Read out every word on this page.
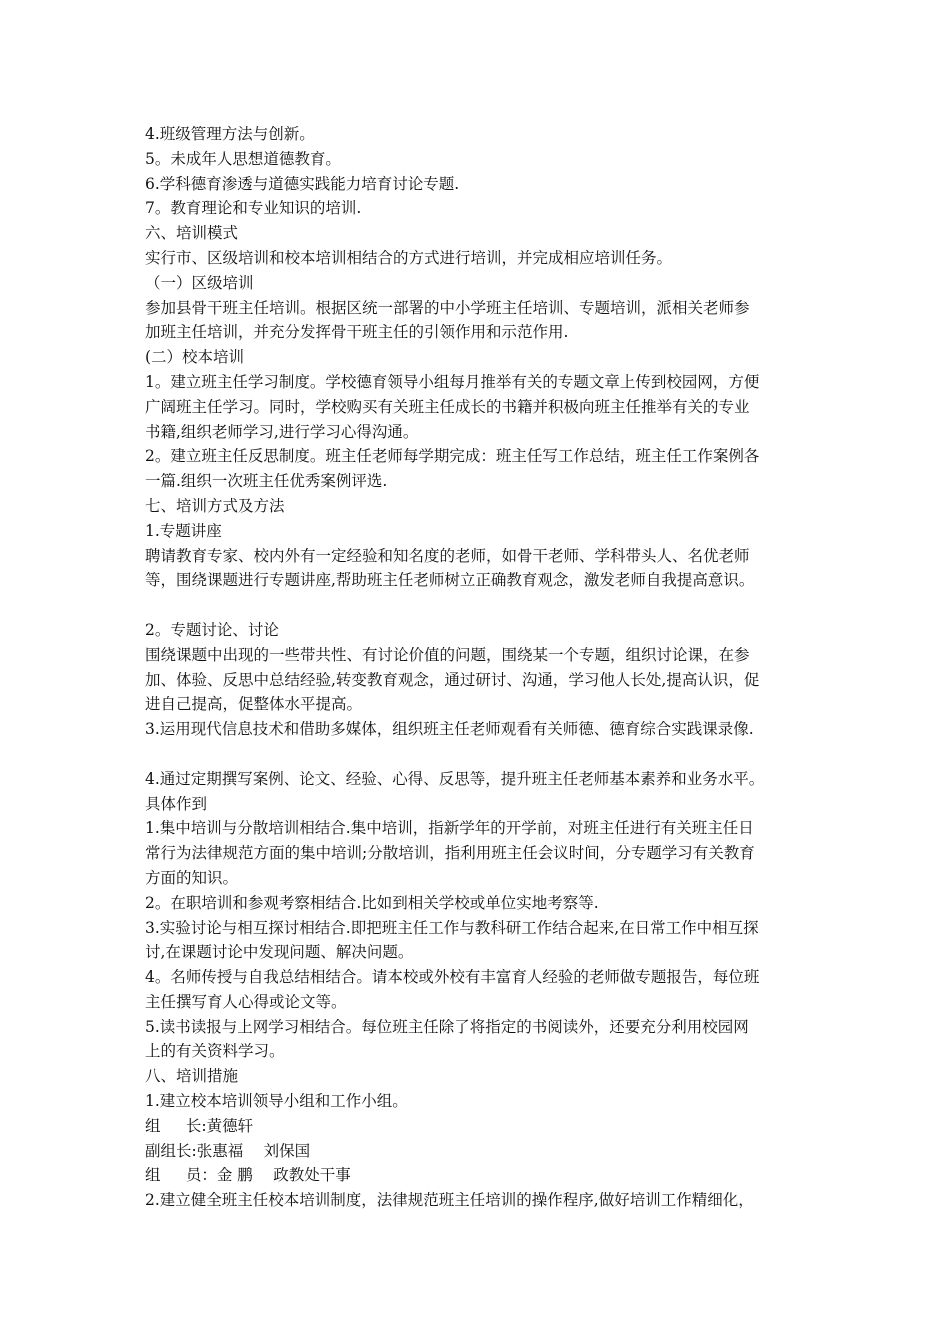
4.班级管理方法与创新。
5。未成年人思想道德教育。
6.学科德育渗透与道德实践能力培育讨论专题.
7。教育理论和专业知识的培训.
六、培训模式
实行市、区级培训和校本培训相结合的方式进行培训，并完成相应培训任务。
（一）区级培训
参加县骨干班主任培训。根据区统一部署的中小学班主任培训、专题培训，派相关老师参
加班主任培训，并充分发挥骨干班主任的引领作用和示范作用.
(二）校本培训
1。建立班主任学习制度。学校德育领导小组每月推举有关的专题文章上传到校园网，方便
广阔班主任学习。同时，学校购买有关班主任成长的书籍并积极向班主任推举有关的专业
书籍,组织老师学习,进行学习心得沟通。
2。建立班主任反思制度。班主任老师每学期完成：班主任写工作总结，班主任工作案例各
一篇.组织一次班主任优秀案例评选.
七、培训方式及方法
1.专题讲座
聘请教育专家、校内外有一定经验和知名度的老师，如骨干老师、学科带头人、名优老师
等，围绕课题进行专题讲座,帮助班主任老师树立正确教育观念，激发老师自我提高意识。
2。专题讨论、讨论
围绕课题中出现的一些带共性、有讨论价值的问题，围绕某一个专题，组织讨论课，在参
加、体验、反思中总结经验,转变教育观念，通过研讨、沟通，学习他人长处,提高认识，促
进自己提高，促整体水平提高。
3.运用现代信息技术和借助多媒体，组织班主任老师观看有关师德、德育综合实践课录像.
4.通过定期撰写案例、论文、经验、心得、反思等，提升班主任老师基本素养和业务水平。
具体作到
1.集中培训与分散培训相结合.集中培训，指新学年的开学前，对班主任进行有关班主任日
常行为法律规范方面的集中培训;分散培训，指利用班主任会议时间，分专题学习有关教育
方面的知识。
2。在职培训和参观考察相结合.比如到相关学校或单位实地考察等.
3.实验讨论与相互探讨相结合.即把班主任工作与教科研工作结合起来,在日常工作中相互探
讨,在课题讨论中发现问题、解决问题。
4。名师传授与自我总结相结合。请本校或外校有丰富育人经验的老师做专题报告，每位班
主任撰写育人心得或论文等。
5.读书读报与上网学习相结合。每位班主任除了将指定的书阅读外，还要充分利用校园网
上的有关资料学习。
八、培训措施
1.建立校本培训领导小组和工作小组。
组　  长:黄德轩
副组长:张惠福　 刘保国
组　  员：金 鹏　 政教处干事
2.建立健全班主任校本培训制度，法律规范班主任培训的操作程序,做好培训工作精细化，
